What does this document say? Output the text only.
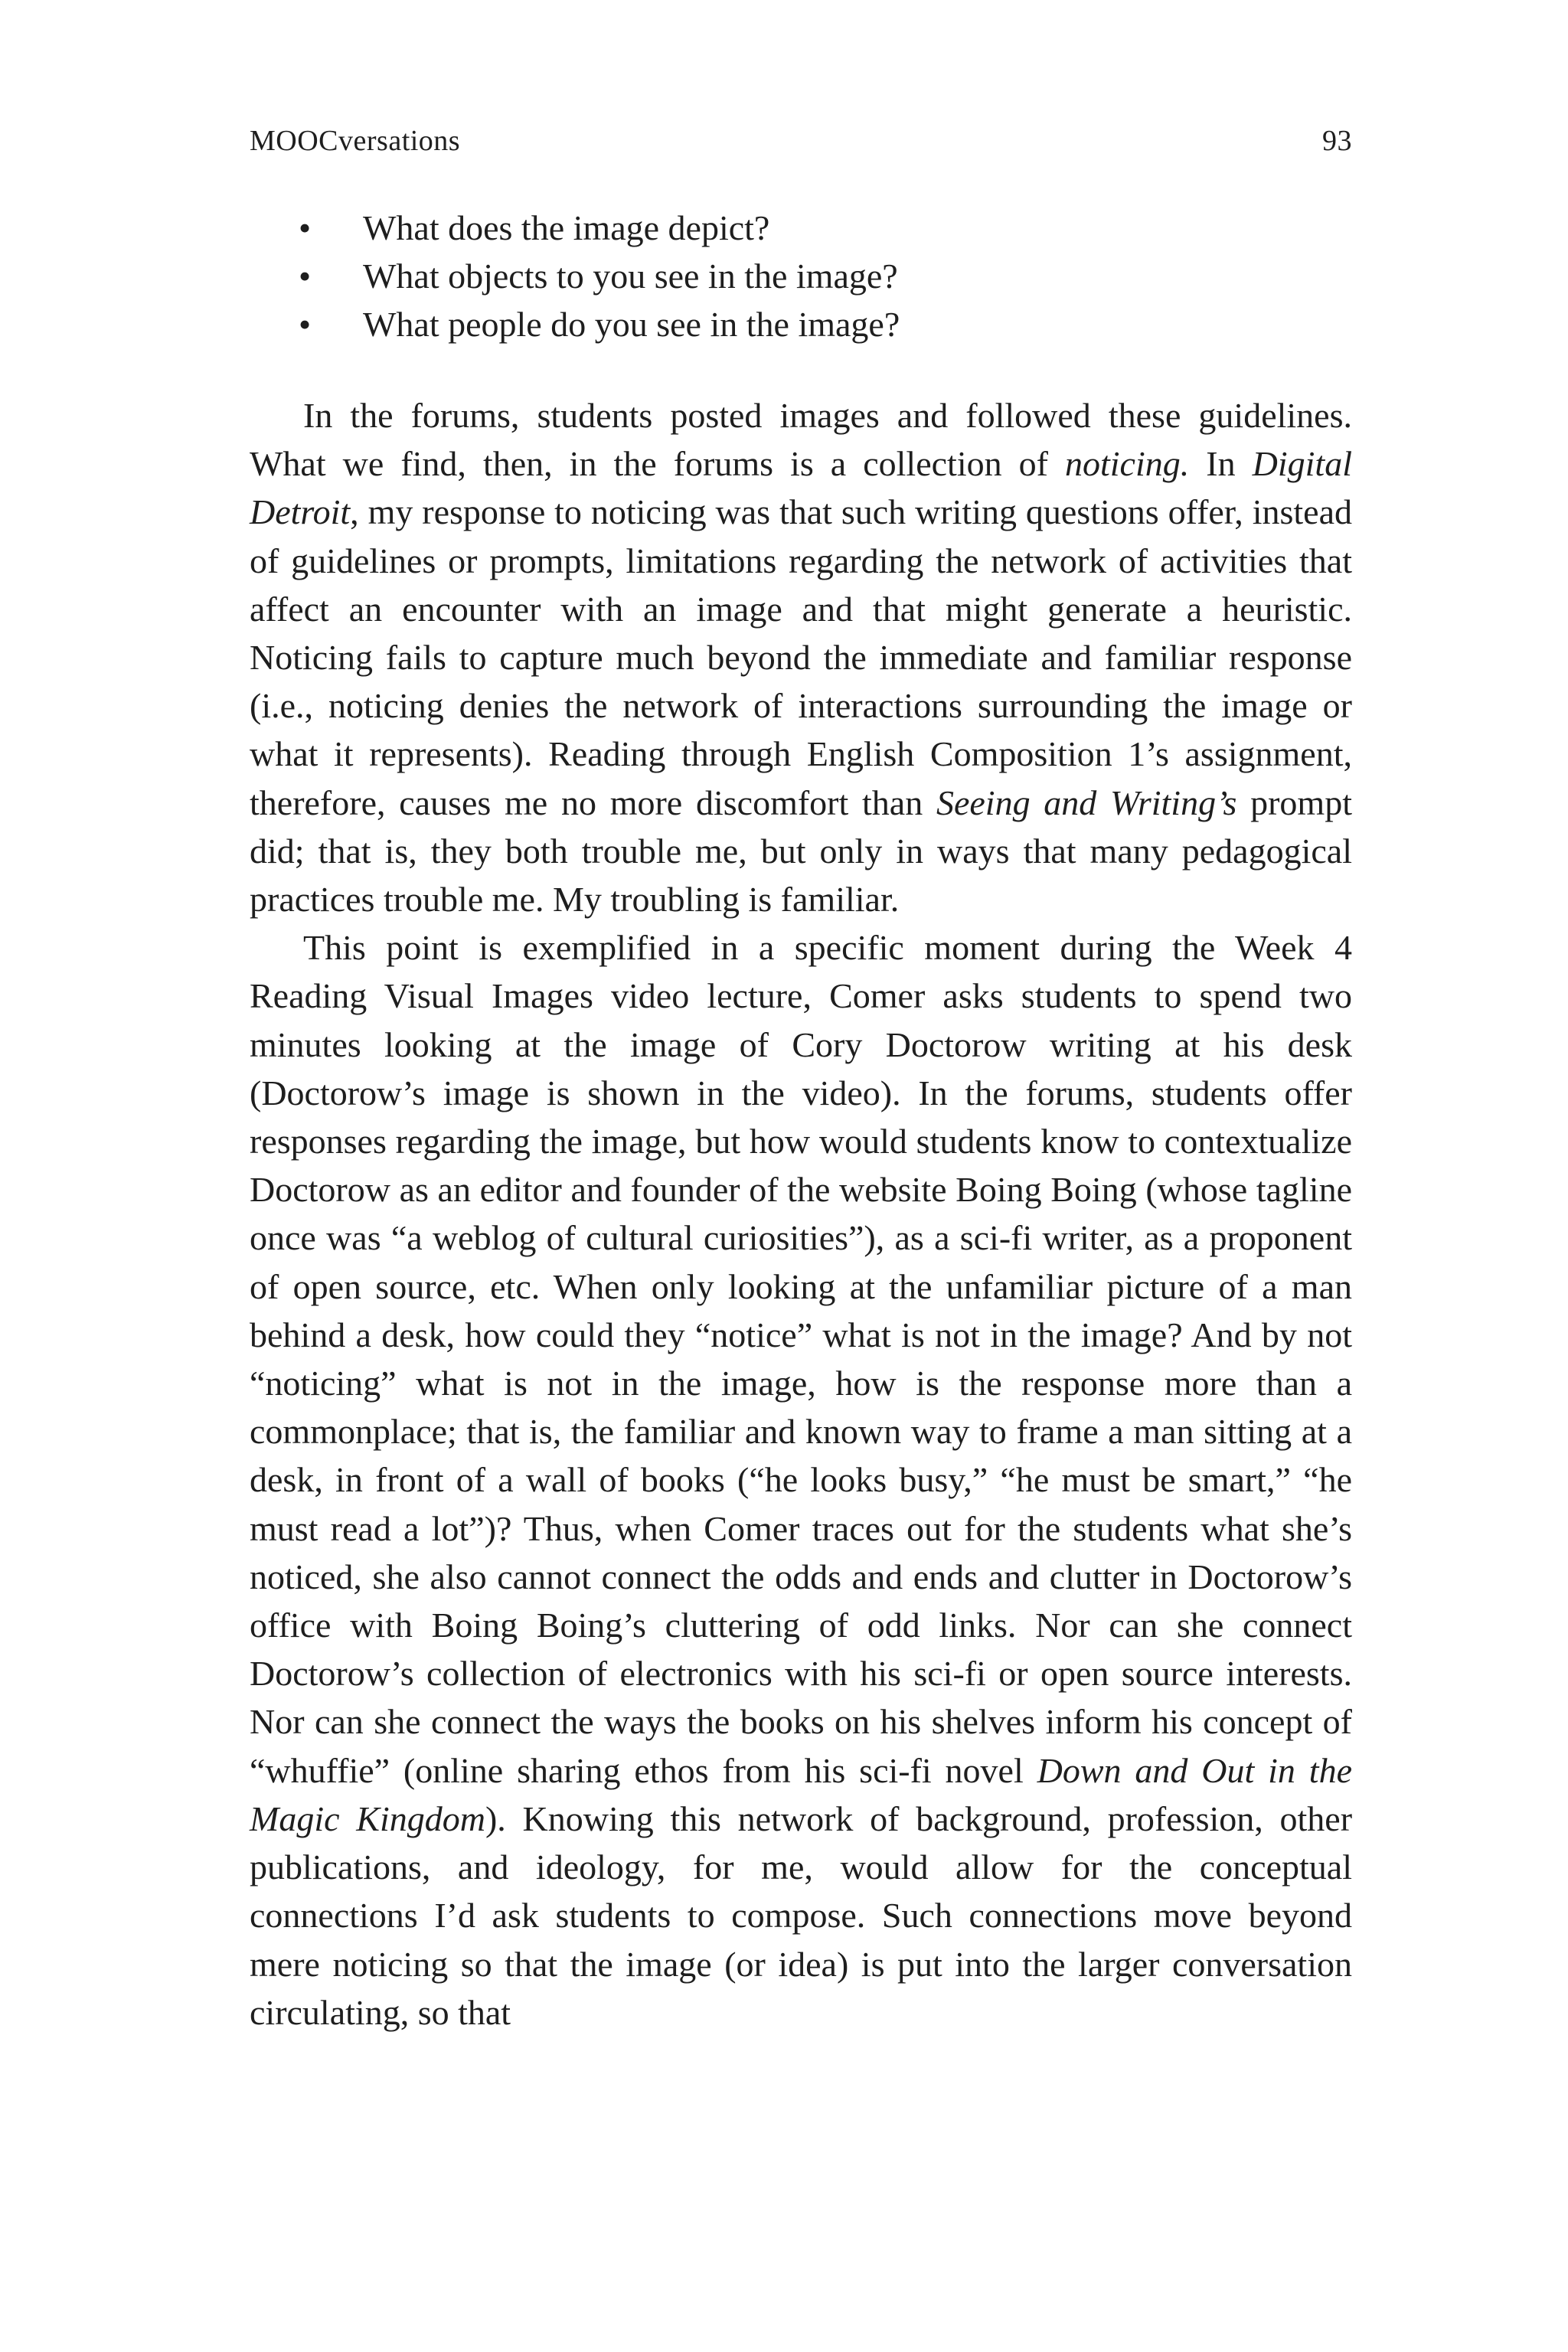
MOOCversations	93
• What does the image depict?
• What objects to you see in the image?
• What people do you see in the image?

In the forums, students posted images and followed these guidelines. What we find, then, in the forums is a collection of noticing. In Digital Detroit, my response to noticing was that such writing questions offer, instead of guidelines or prompts, limitations regarding the network of activities that affect an encounter with an image and that might generate a heuristic. Noticing fails to capture much beyond the immediate and familiar response (i.e., noticing denies the network of interactions surrounding the image or what it represents). Reading through English Composition 1’s assignment, therefore, causes me no more discomfort than Seeing and Writing’s prompt did; that is, they both trouble me, but only in ways that many pedagogical practices trouble me. My troubling is familiar.

This point is exemplified in a specific moment during the Week 4 Reading Visual Images video lecture, Comer asks students to spend two minutes looking at the image of Cory Doctorow writing at his desk (Doctorow’s image is shown in the video). In the forums, students offer responses regarding the image, but how would students know to contextualize Doctorow as an editor and founder of the website Boing Boing (whose tagline once was “a weblog of cultural curiosities”), as a sci-fi writer, as a proponent of open source, etc. When only looking at the unfamiliar picture of a man behind a desk, how could they “notice” what is not in the image? And by not “noticing” what is not in the image, how is the response more than a commonplace; that is, the familiar and known way to frame a man sitting at a desk, in front of a wall of books (“he looks busy,” “he must be smart,” “he must read a lot”)? Thus, when Comer traces out for the students what she’s noticed, she also cannot connect the odds and ends and clutter in Doctorow’s office with Boing Boing’s cluttering of odd links. Nor can she connect Doctorow’s collection of electronics with his sci-fi or open source interests. Nor can she connect the ways the books on his shelves inform his concept of “whuffie” (online sharing ethos from his sci-fi novel Down and Out in the Magic Kingdom). Knowing this network of background, profession, other publications, and ideology, for me, would allow for the conceptual connections I’d ask students to compose. Such connections move beyond mere noticing so that the image (or idea) is put into the larger conversation circulating, so that
